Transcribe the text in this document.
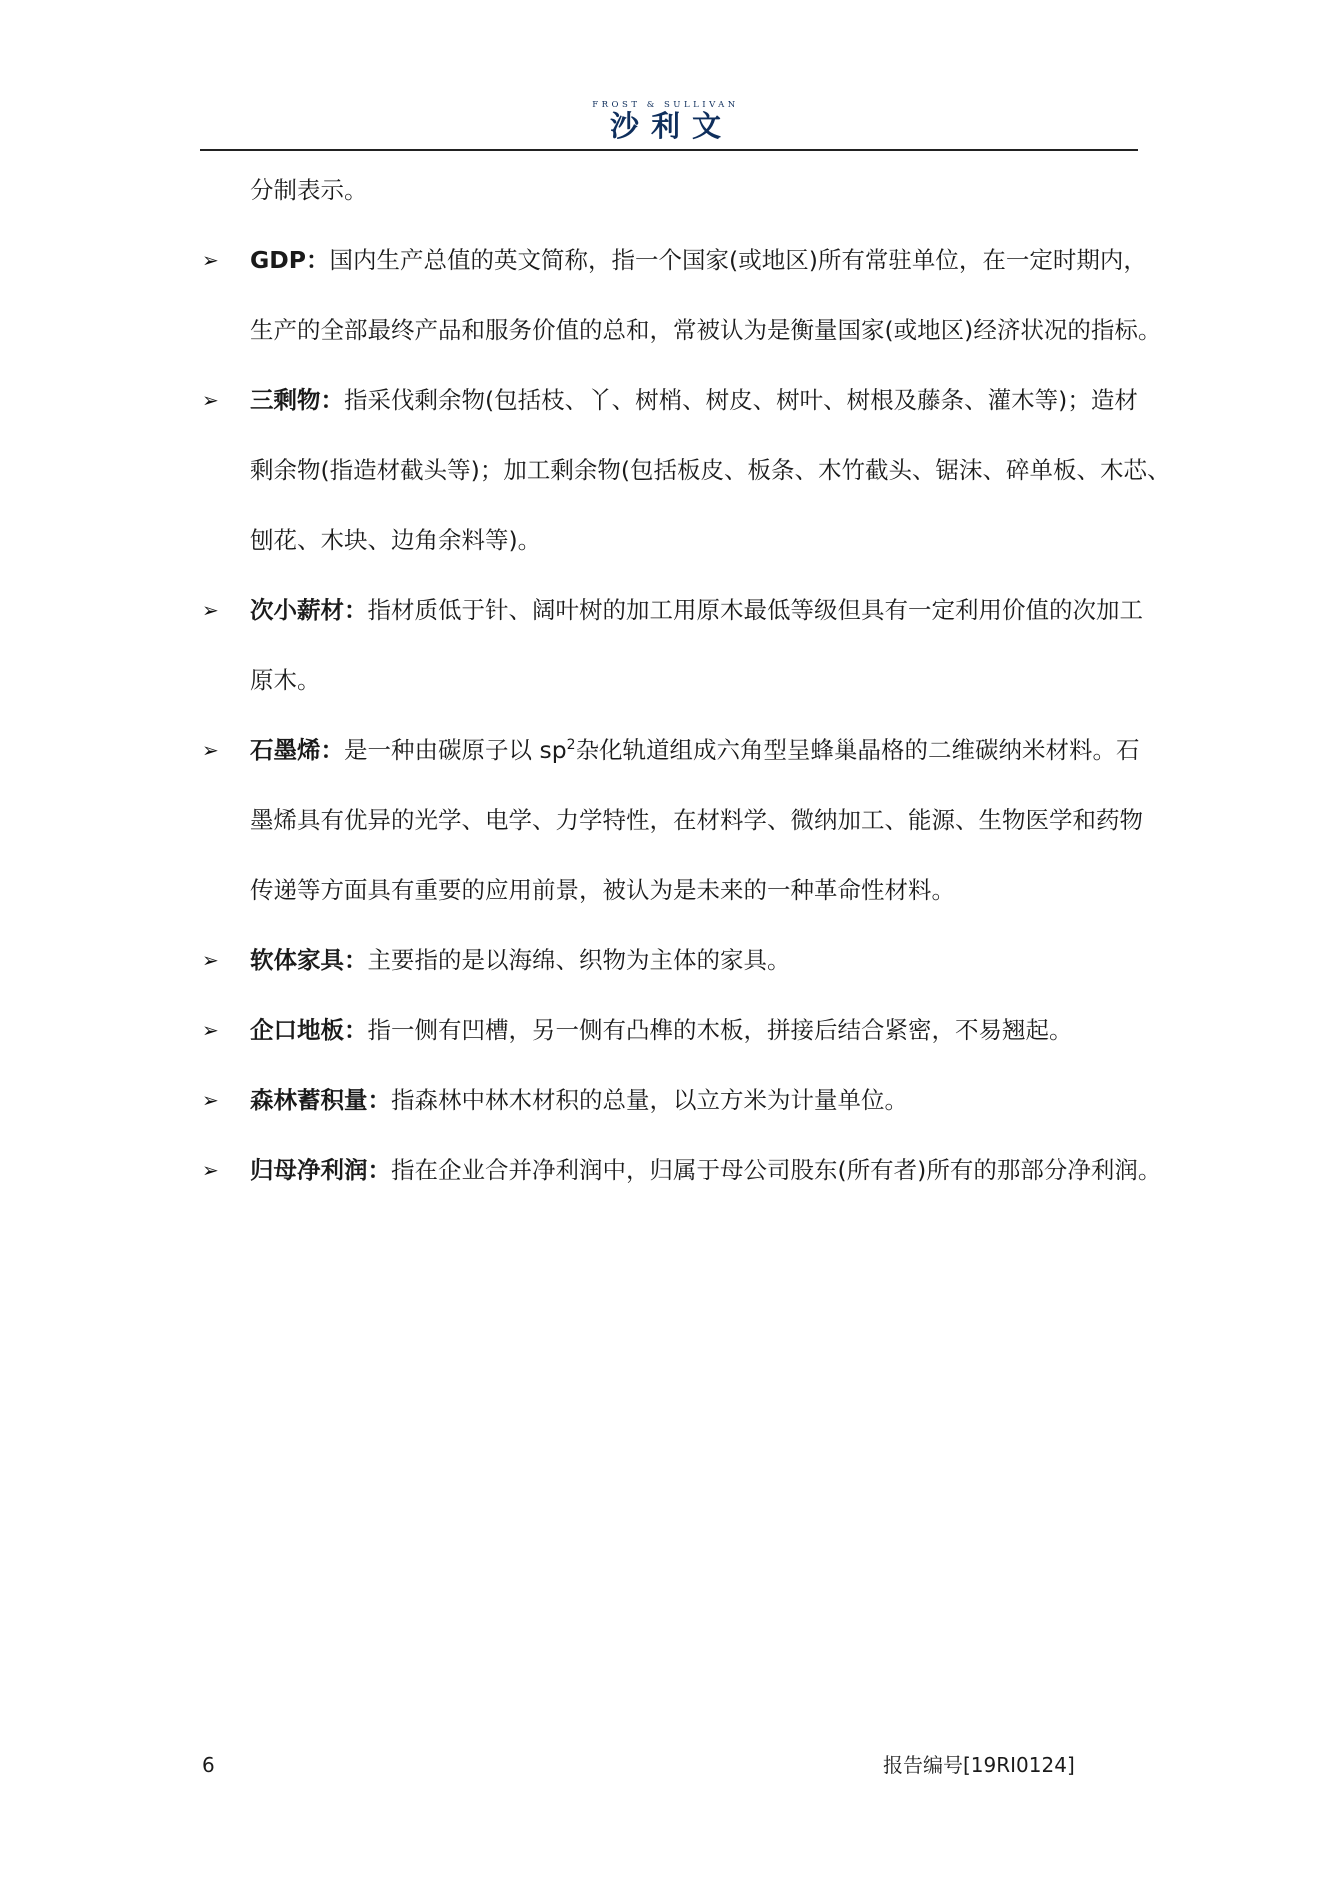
FROST & SULLIVAN
沙利文
分制表示。
➢ GDP：国内生产总值的英文简称，指一个国家(或地区)所有常驻单位，在一定时期内，
生产的全部最终产品和服务价值的总和，常被认为是衡量国家(或地区)经济状况的指标。
➢ 三剩物：指采伐剩余物(包括枝、丫、树梢、树皮、树叶、树根及藤条、灌木等)；造材
剩余物(指造材截头等)；加工剩余物(包括板皮、板条、木竹截头、锯沫、碎单板、木芯、
刨花、木块、边角余料等)。
➢ 次小薪材：指材质低于针、阔叶树的加工用原木最低等级但具有一定利用价值的次加工
原木。
➢ 石墨烯：是一种由碳原子以 $sp^2$杂化轨道组成六角型呈蜂巢晶格的二维碳纳米材料。石
墨烯具有优异的光学、电学、力学特性，在材料学、微纳加工、能源、生物医学和药物
传递等方面具有重要的应用前景，被认为是未来的一种革命性材料。
➢ 软体家具：主要指的是以海绵、织物为主体的家具。
➢ 企口地板：指一侧有凹槽，另一侧有凸榫的木板，拼接后结合紧密，不易翘起。
➢ 森林蓄积量：指森林中林木材积的总量，以立方米为计量单位。
➢ 归母净利润：指在企业合并净利润中，归属于母公司股东(所有者)所有的那部分净利润。
6	报告编号[19RI0124]
